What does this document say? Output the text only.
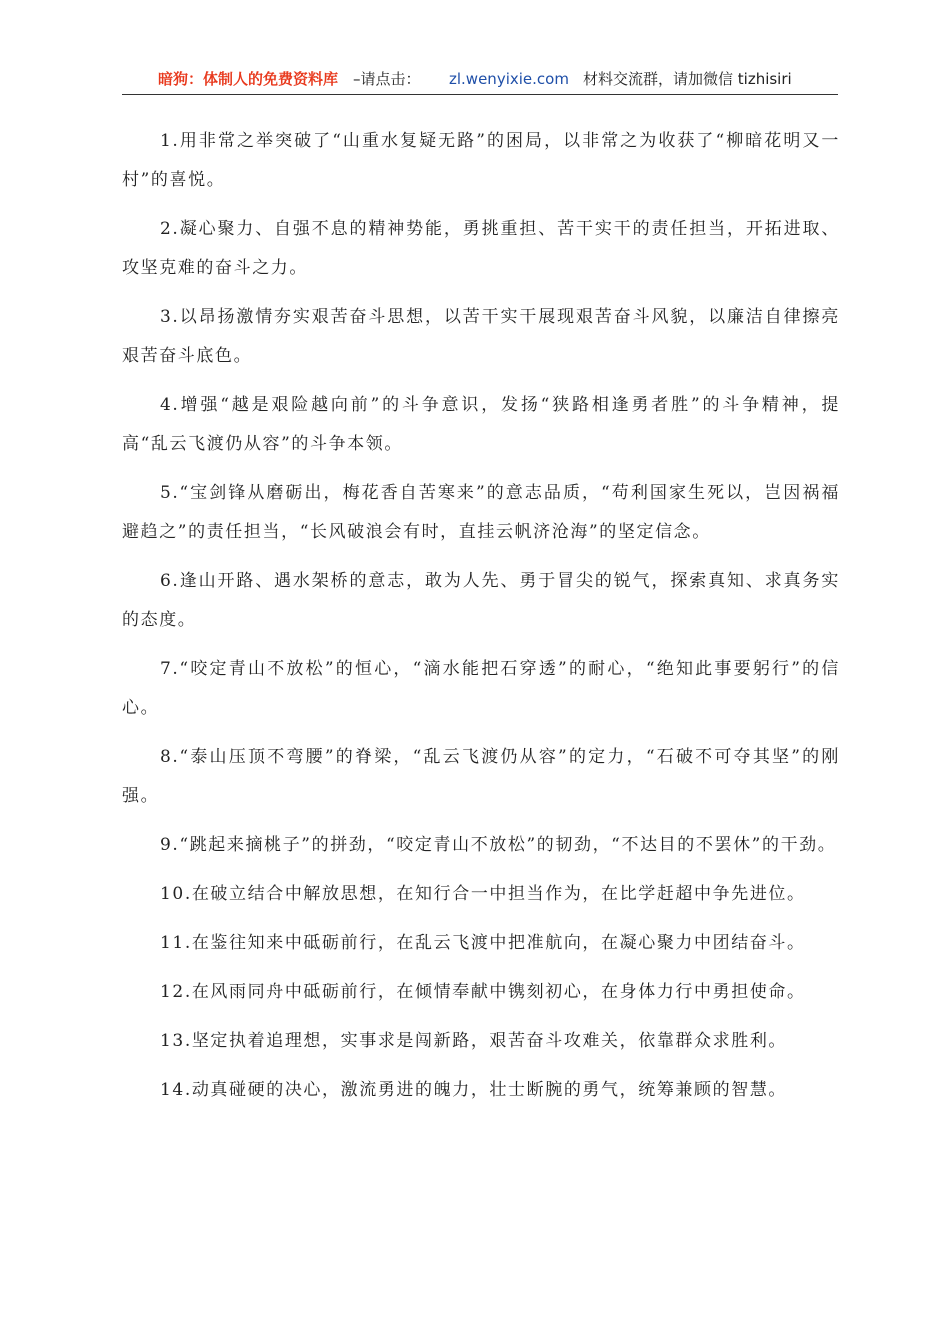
暗狗：体制人的免费资料库 –请点击： zl.wenyixie.com 材料交流群，请加微信 tizhisiri

1.用非常之举突破了“山重水复疑无路”的困局，以非常之为收获了“柳暗花明又一村”的喜悦。

2.凝心聚力、自强不息的精神势能，勇挑重担、苦干实干的责任担当，开拓进取、攻坚克难的奋斗之力。

3.以昂扬激情夯实艰苦奋斗思想，以苦干实干展现艰苦奋斗风貌，以廉洁自律擦亮艰苦奋斗底色。

4.增强“越是艰险越向前”的斗争意识，发扬“狭路相逢勇者胜”的斗争精神，提高“乱云飞渡仍从容”的斗争本领。

5.“宝剑锋从磨砺出，梅花香自苦寒来”的意志品质，“苟利国家生死以，岂因祸福避趋之”的责任担当，“长风破浪会有时，直挂云帆济沧海”的坚定信念。

6.逢山开路、遇水架桥的意志，敢为人先、勇于冒尖的锐气，探索真知、求真务实的态度。

7.“咬定青山不放松”的恒心，“滴水能把石穿透”的耐心，“绝知此事要躬行”的信心。

8.“泰山压顶不弯腰”的脊梁，“乱云飞渡仍从容”的定力，“石破不可夺其坚”的刚强。

9.“跳起来摘桃子”的拼劲，“咬定青山不放松”的韧劲，“不达目的不罢休”的干劲。

10.在破立结合中解放思想，在知行合一中担当作为，在比学赶超中争先进位。

11.在鉴往知来中砥砺前行，在乱云飞渡中把准航向，在凝心聚力中团结奋斗。

12.在风雨同舟中砥砺前行，在倾情奉献中镌刻初心，在身体力行中勇担使命。

13.坚定执着追理想，实事求是闯新路，艰苦奋斗攻难关，依靠群众求胜利。

14.动真碰硬的决心，激流勇进的魄力，壮士断腕的勇气，统筹兼顾的智慧。
